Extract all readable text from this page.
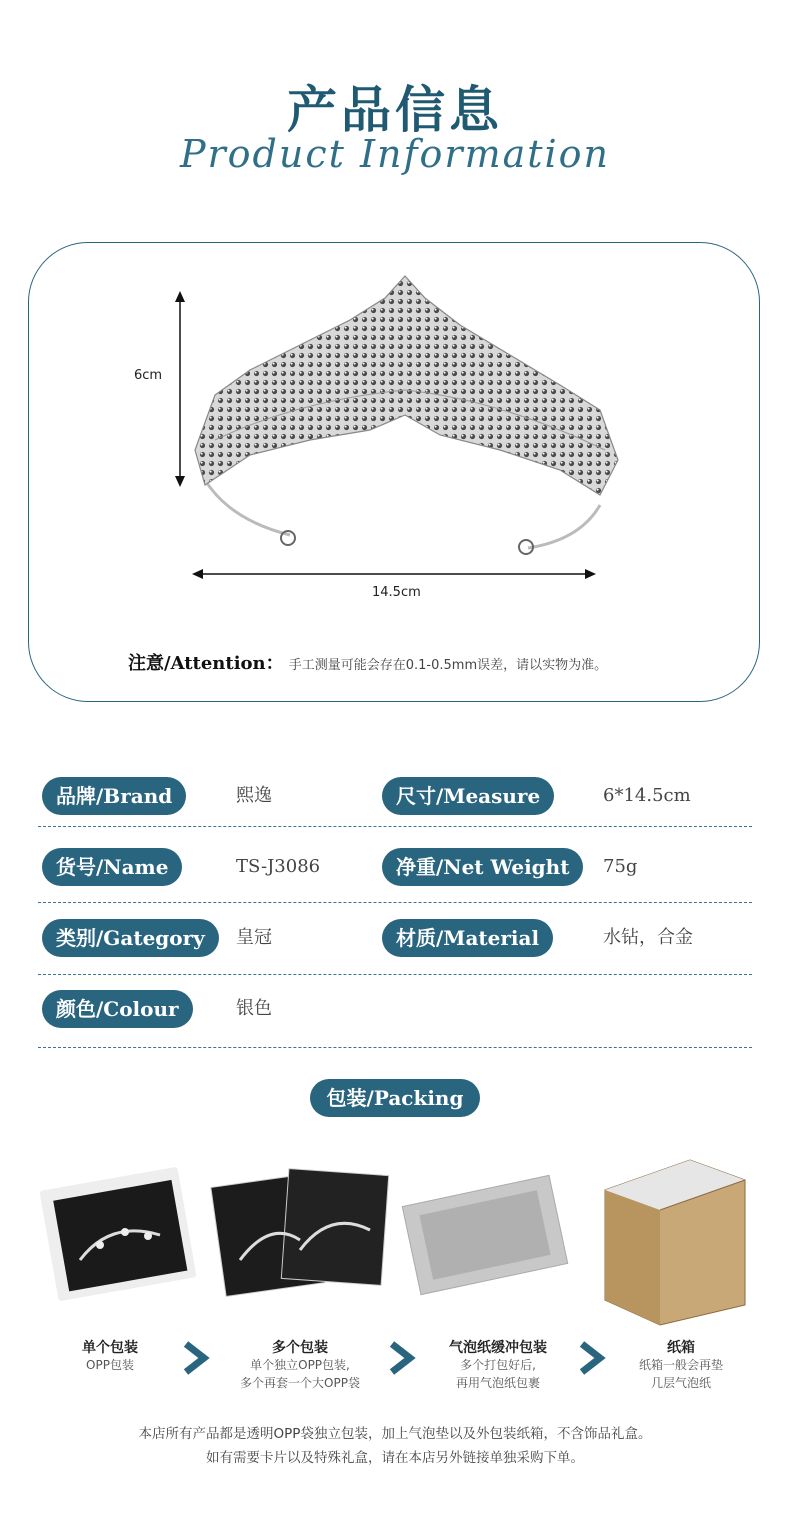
产品信息
Product Information
6cm
14.5cm
注意/Attention： 手工测量可能会存在0.1-0.5mm误差，请以实物为准。
品牌/Brand	熙逸	尺寸/Measure	6*14.5cm
货号/Name	TS-J3086	净重/Net Weight	75g
类别/Gategory	皇冠	材质/Material	水钻，合金
颜色/Colour	银色
包装/Packing
单个包装
OPP包装
多个包装
单个独立OPP包装,
多个再套一个大OPP袋
气泡纸缓冲包装
多个打包好后,
再用气泡纸包裹
纸箱
纸箱一般会再垫
几层气泡纸
本店所有产品都是透明OPP袋独立包装，加上气泡垫以及外包装纸箱，不含饰品礼盒。
如有需要卡片以及特殊礼盒，请在本店另外链接单独采购下单。
